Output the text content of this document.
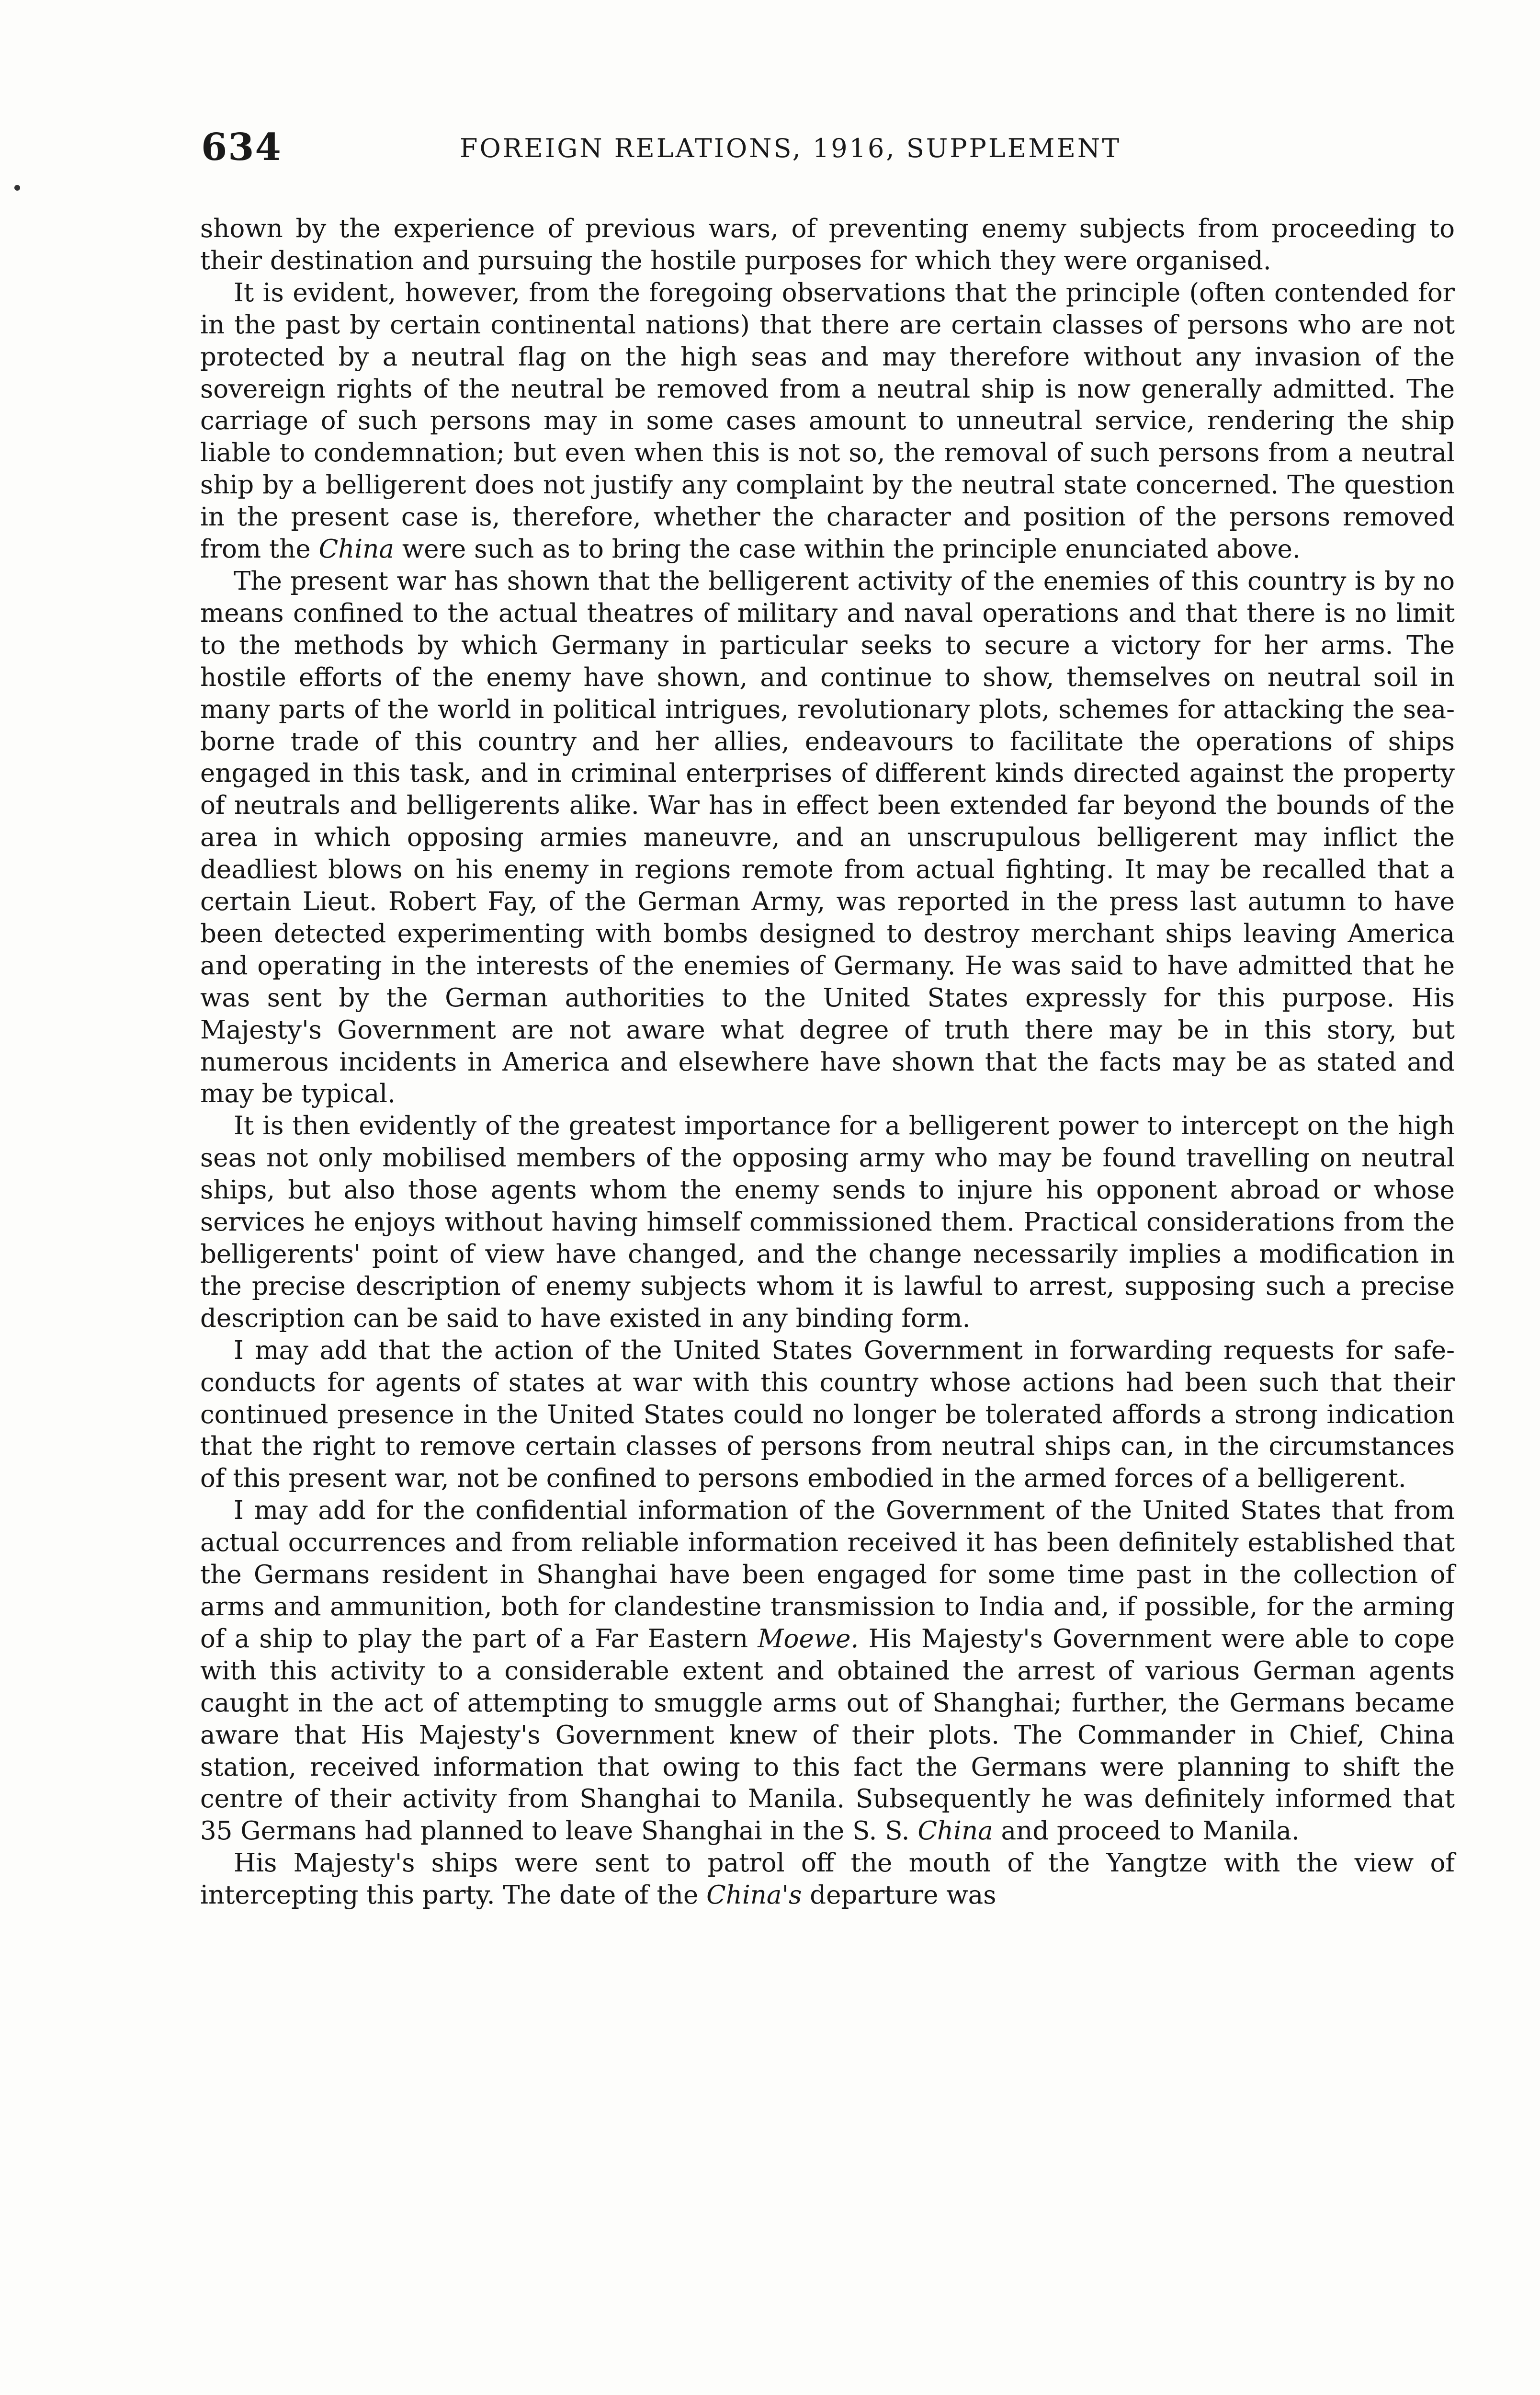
634	FOREIGN RELATIONS, 1916, SUPPLEMENT

shown by the experience of previous wars, of preventing enemy subjects from proceeding to their destination and pursuing the hostile purposes for which they were organised.

It is evident, however, from the foregoing observations that the principle (often contended for in the past by certain continental nations) that there are certain classes of persons who are not protected by a neutral flag on the high seas and may therefore without any invasion of the sovereign rights of the neutral be removed from a neutral ship is now generally admitted. The carriage of such persons may in some cases amount to unneutral service, rendering the ship liable to condemnation; but even when this is not so, the removal of such persons from a neutral ship by a belligerent does not justify any complaint by the neutral state concerned. The question in the present case is, therefore, whether the character and position of the persons removed from the China were such as to bring the case within the principle enunciated above.

The present war has shown that the belligerent activity of the enemies of this country is by no means confined to the actual theatres of military and naval operations and that there is no limit to the methods by which Germany in particular seeks to secure a victory for her arms. The hostile efforts of the enemy have shown, and continue to show, themselves on neutral soil in many parts of the world in political intrigues, revolutionary plots, schemes for attacking the sea-borne trade of this country and her allies, endeavours to facilitate the operations of ships engaged in this task, and in criminal enterprises of different kinds directed against the property of neutrals and belligerents alike. War has in effect been extended far beyond the bounds of the area in which opposing armies maneuvre, and an unscrupulous belligerent may inflict the deadliest blows on his enemy in regions remote from actual fighting. It may be recalled that a certain Lieut. Robert Fay, of the German Army, was reported in the press last autumn to have been detected experimenting with bombs designed to destroy merchant ships leaving America and operating in the interests of the enemies of Germany. He was said to have admitted that he was sent by the German authorities to the United States expressly for this purpose. His Majesty's Government are not aware what degree of truth there may be in this story, but numerous incidents in America and elsewhere have shown that the facts may be as stated and may be typical.

It is then evidently of the greatest importance for a belligerent power to intercept on the high seas not only mobilised members of the opposing army who may be found travelling on neutral ships, but also those agents whom the enemy sends to injure his opponent abroad or whose services he enjoys without having himself commissioned them. Practical considerations from the belligerents' point of view have changed, and the change necessarily implies a modification in the precise description of enemy subjects whom it is lawful to arrest, supposing such a precise description can be said to have existed in any binding form.

I may add that the action of the United States Government in forwarding requests for safe-conducts for agents of states at war with this country whose actions had been such that their continued presence in the United States could no longer be tolerated affords a strong indication that the right to remove certain classes of persons from neutral ships can, in the circumstances of this present war, not be confined to persons embodied in the armed forces of a belligerent.

I may add for the confidential information of the Government of the United States that from actual occurrences and from reliable information received it has been definitely established that the Germans resident in Shanghai have been engaged for some time past in the collection of arms and ammunition, both for clandestine transmission to India and, if possible, for the arming of a ship to play the part of a Far Eastern Moewe. His Majesty's Government were able to cope with this activity to a considerable extent and obtained the arrest of various German agents caught in the act of attempting to smuggle arms out of Shanghai; further, the Germans became aware that His Majesty's Government knew of their plots. The Commander in Chief, China station, received information that owing to this fact the Germans were planning to shift the centre of their activity from Shanghai to Manila. Subsequently he was definitely informed that 35 Germans had planned to leave Shanghai in the S. S. China and proceed to Manila.

His Majesty's ships were sent to patrol off the mouth of the Yangtze with the view of intercepting this party. The date of the China's departure was
